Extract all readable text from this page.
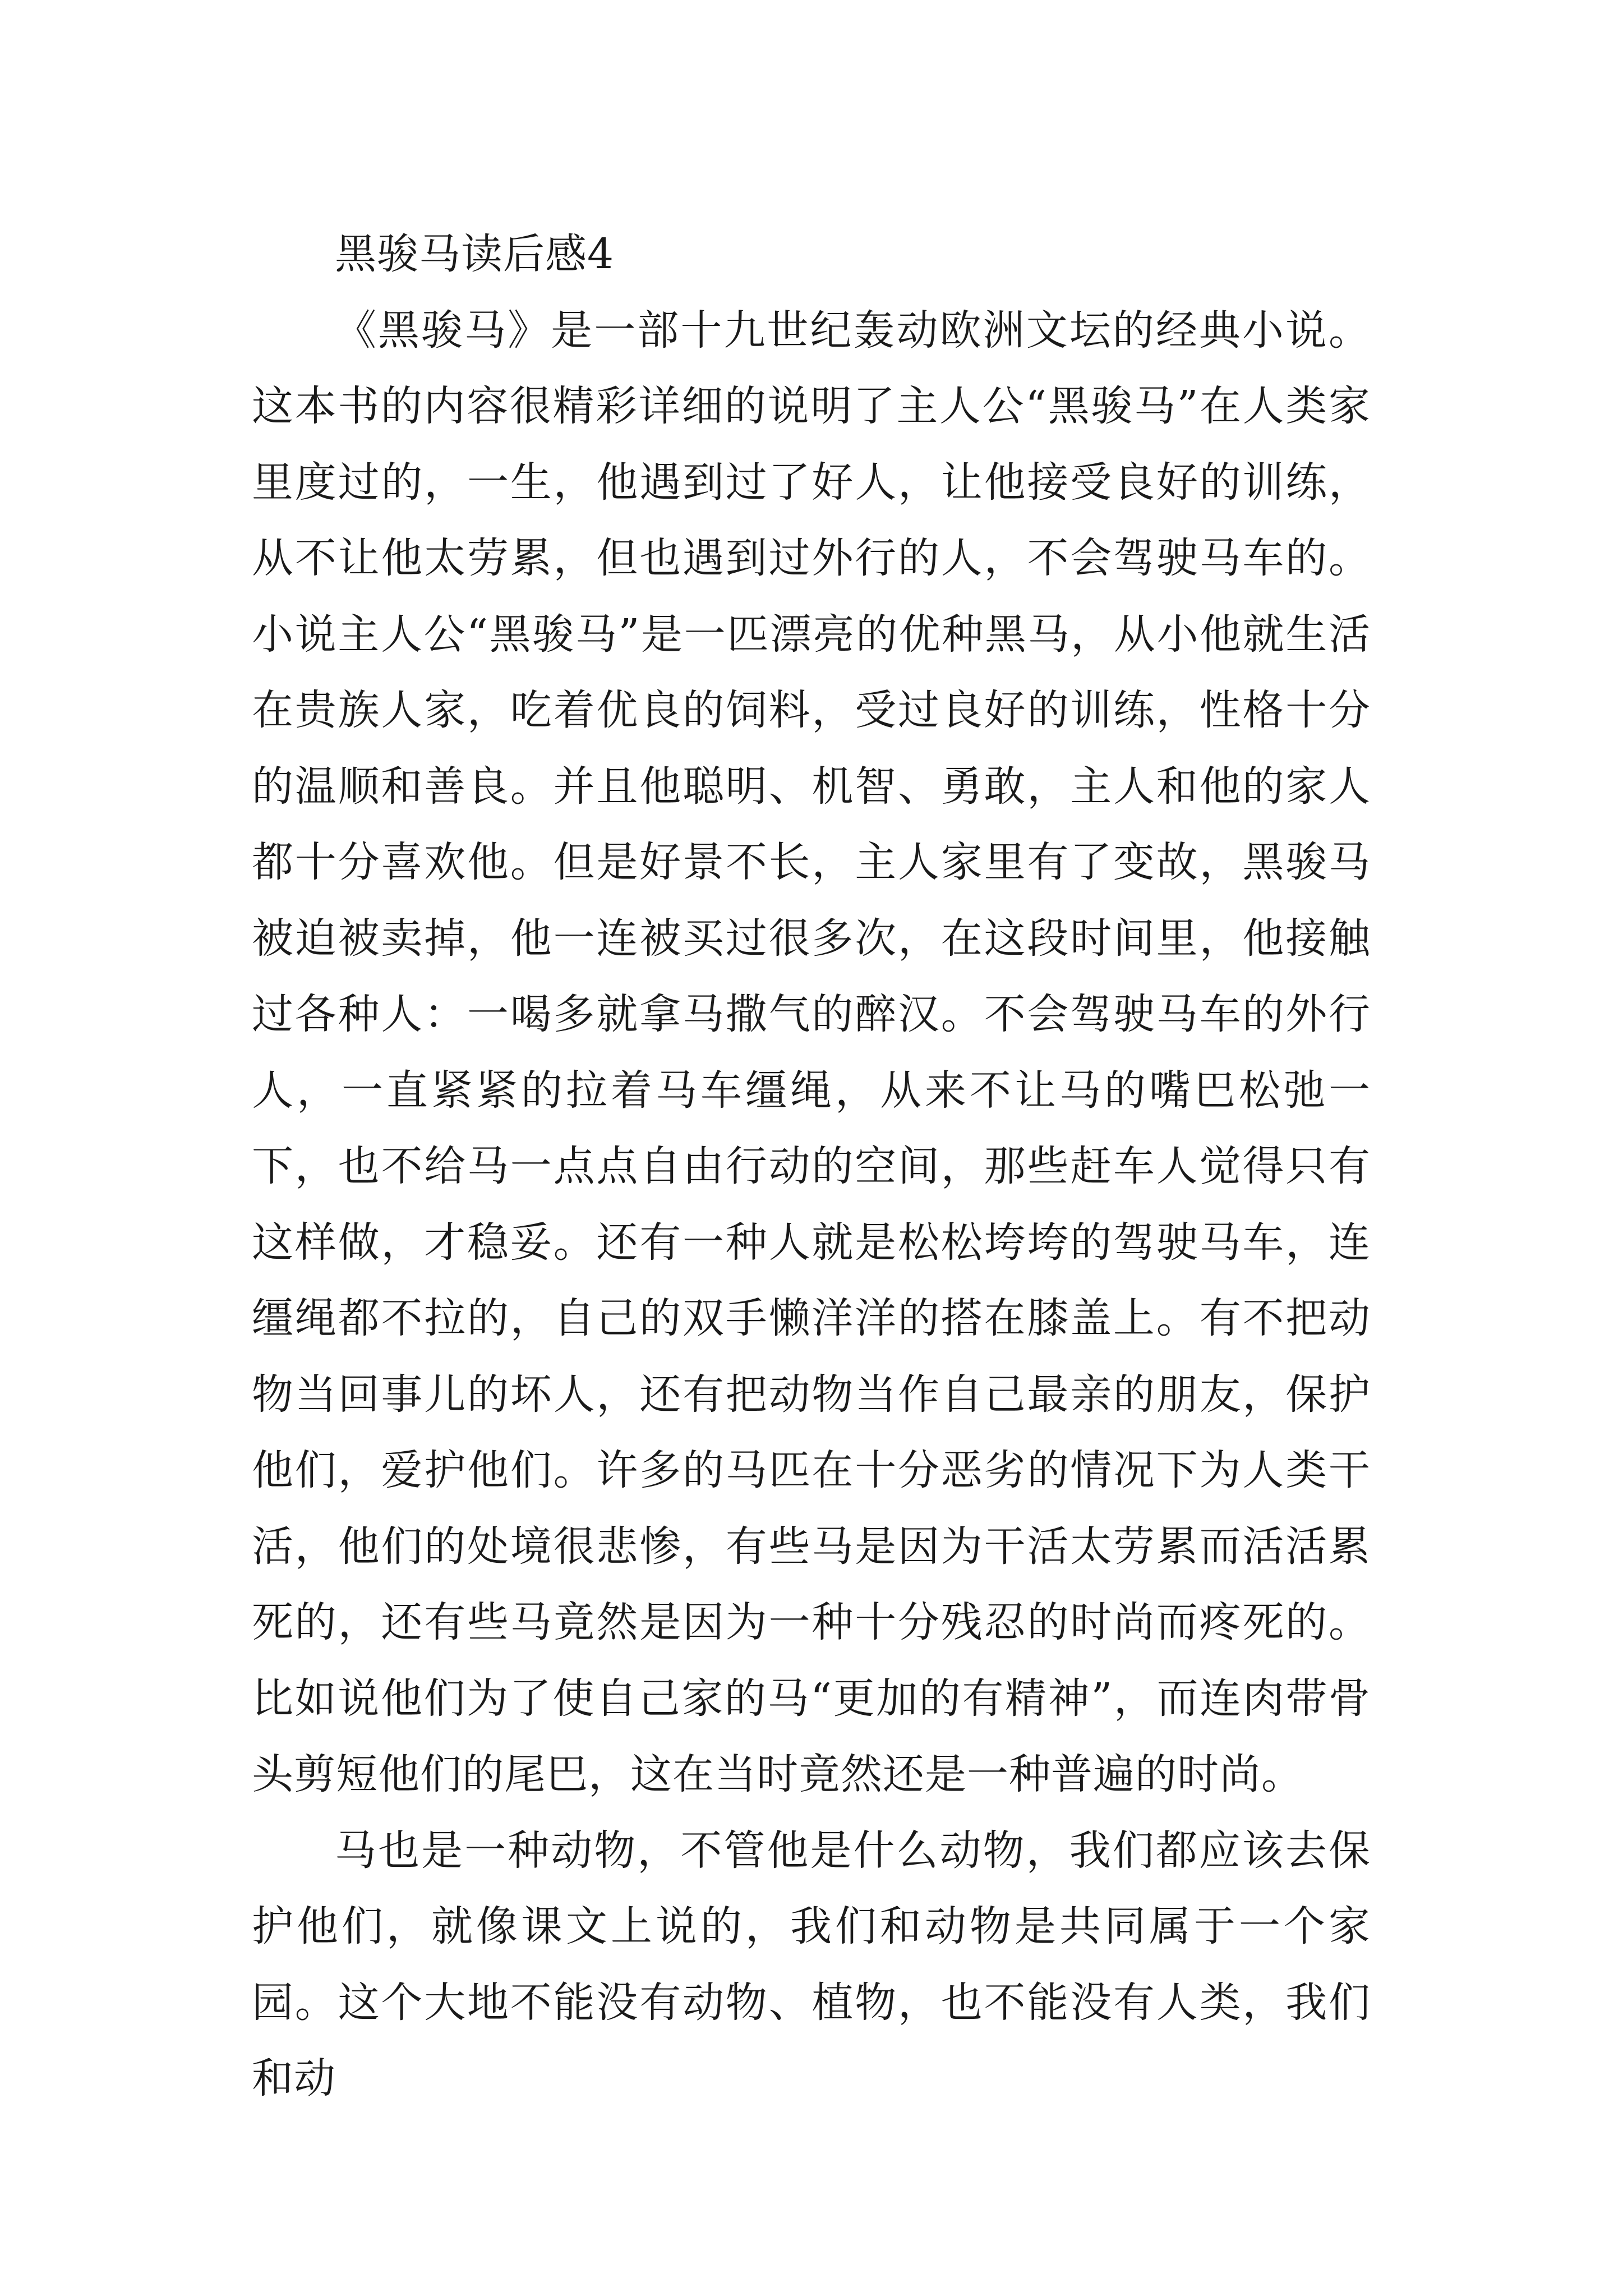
黑骏马读后感4

《黑骏马》是一部十九世纪轰动欧洲文坛的经典小说。这本书的内容很精彩详细的说明了主人公“黑骏马”在人类家里度过的，一生，他遇到过了好人，让他接受良好的训练，从不让他太劳累，但也遇到过外行的人，不会驾驶马车的。小说主人公“黑骏马”是一匹漂亮的优种黑马，从小他就生活在贵族人家，吃着优良的饲料，受过良好的训练，性格十分的温顺和善良。并且他聪明、机智、勇敢，主人和他的家人都十分喜欢他。但是好景不长，主人家里有了变故，黑骏马被迫被卖掉，他一连被买过很多次，在这段时间里，他接触过各种人：一喝多就拿马撒气的醉汉。不会驾驶马车的外行人，一直紧紧的拉着马车缰绳，从来不让马的嘴巴松弛一下，也不给马一点点自由行动的空间，那些赶车人觉得只有这样做，才稳妥。还有一种人就是松松垮垮的驾驶马车，连缰绳都不拉的，自己的双手懒洋洋的搭在膝盖上。有不把动物当回事儿的坏人，还有把动物当作自己最亲的朋友，保护他们，爱护他们。许多的马匹在十分恶劣的情况下为人类干活，他们的处境很悲惨，有些马是因为干活太劳累而活活累死的，还有些马竟然是因为一种十分残忍的时尚而疼死的。比如说他们为了使自己家的马“更加的有精神”，而连肉带骨头剪短他们的尾巴，这在当时竟然还是一种普遍的时尚。

马也是一种动物，不管他是什么动物，我们都应该去保护他们，就像课文上说的，我们和动物是共同属于一个家园。这个大地不能没有动物、植物，也不能没有人类，我们和动
